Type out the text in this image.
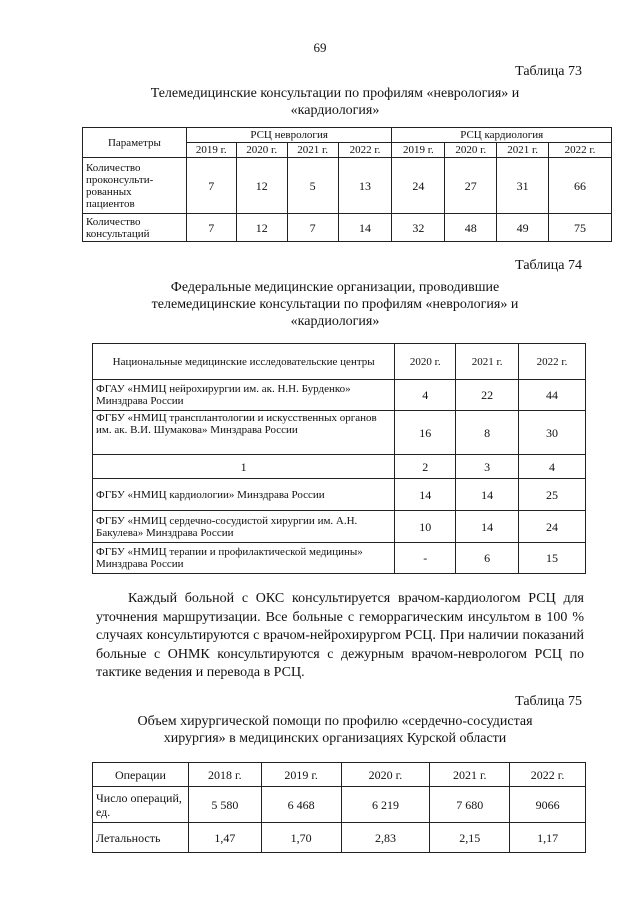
69
Таблица 73
Телемедицинские консультации по профилям «неврология» и
«кардиология»
Параметры	РСЦ неврология				РСЦ кардиология			
	2019 г.	2020 г.	2021 г.	2022 г.	2019 г.	2020 г.	2021 г.	2022 г.
Количество проконсульти-рованных пациентов	7	12	5	13	24	27	31	66
Количество консультаций	7	12	7	14	32	48	49	75
Таблица 74
Федеральные медицинские организации, проводившие
телемедицинские консультации по профилям «неврология» и
«кардиология»
Национальные медицинские исследовательские центры	2020 г.	2021 г.	2022 г.
ФГАУ «НМИЦ нейрохирургии им. ак. Н.Н. Бурденко» Минздрава России	4	22	44
ФГБУ «НМИЦ трансплантологии и искусственных органов им. ак. В.И. Шумакова» Минздрава России	16	8	30
1	2	3	4
ФГБУ «НМИЦ кардиологии» Минздрава России	14	14	25
ФГБУ «НМИЦ сердечно-сосудистой хирургии им. А.Н. Бакулева» Минздрава России	10	14	24
ФГБУ «НМИЦ терапии и профилактической медицины» Минздрава России	-	6	15

Каждый больной с ОКС консультируется врачом-кардиологом РСЦ для уточнения маршрутизации. Все больные с геморрагическим инсультом в 100 % случаях консультируются с врачом-нейрохирургом РСЦ. При наличии показаний больные с ОНМК консультируются с дежурным врачом-неврологом РСЦ по тактике ведения и перевода в РСЦ.

Таблица 75
Объем хирургической помощи по профилю «сердечно-сосудистая
хирургия» в медицинских организациях Курской области
Операции	2018 г.	2019 г.	2020 г.	2021 г.	2022 г.
Число операций, ед.	5 580	6 468	6 219	7 680	9066
Летальность	1,47	1,70	2,83	2,15	1,17
